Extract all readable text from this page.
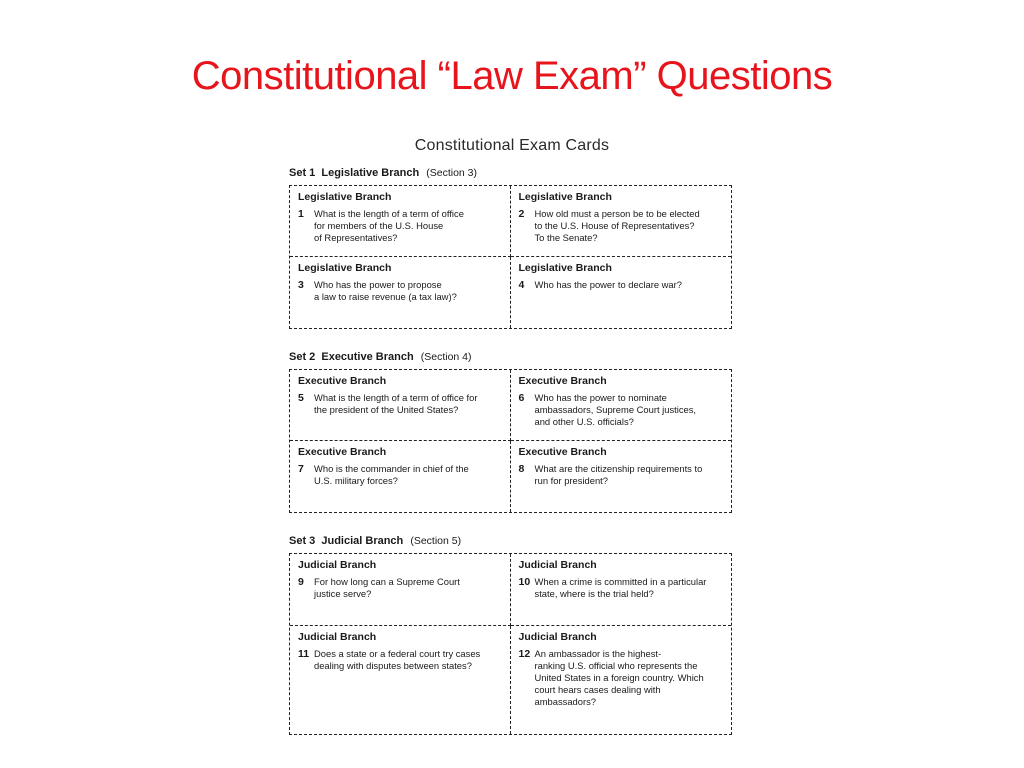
Constitutional “Law Exam” Questions
Constitutional Exam Cards
Set 1 Legislative Branch (Section 3)
Legislative Branch
1	What is the length of a term of office
for members of the U.S. House
of Representatives?
Legislative Branch
2	How old must a person be to be elected
to the U.S. House of Representatives?
To the Senate?
Legislative Branch
3	Who has the power to propose
a law to raise revenue (a tax law)?
Legislative Branch
4	Who has the power to declare war?
Set 2 Executive Branch (Section 4)
Executive Branch
5	What is the length of a term of office for
the president of the United States?
Executive Branch
6	Who has the power to nominate
ambassadors, Supreme Court justices,
and other U.S. officials?
Executive Branch
7	Who is the commander in chief of the
U.S. military forces?
Executive Branch
8	What are the citizenship requirements to
run for president?
Set 3 Judicial Branch (Section 5)
Judicial Branch
9	For how long can a Supreme Court
justice serve?
Judicial Branch
10 When a crime is committed in a particular
state, where is the trial held?
Judicial Branch
11 Does a state or a federal court try cases
dealing with disputes between states?
Judicial Branch
12 An ambassador is the highest-
ranking U.S. official who represents the
United States in a foreign country. Which
court hears cases dealing with
ambassadors?
